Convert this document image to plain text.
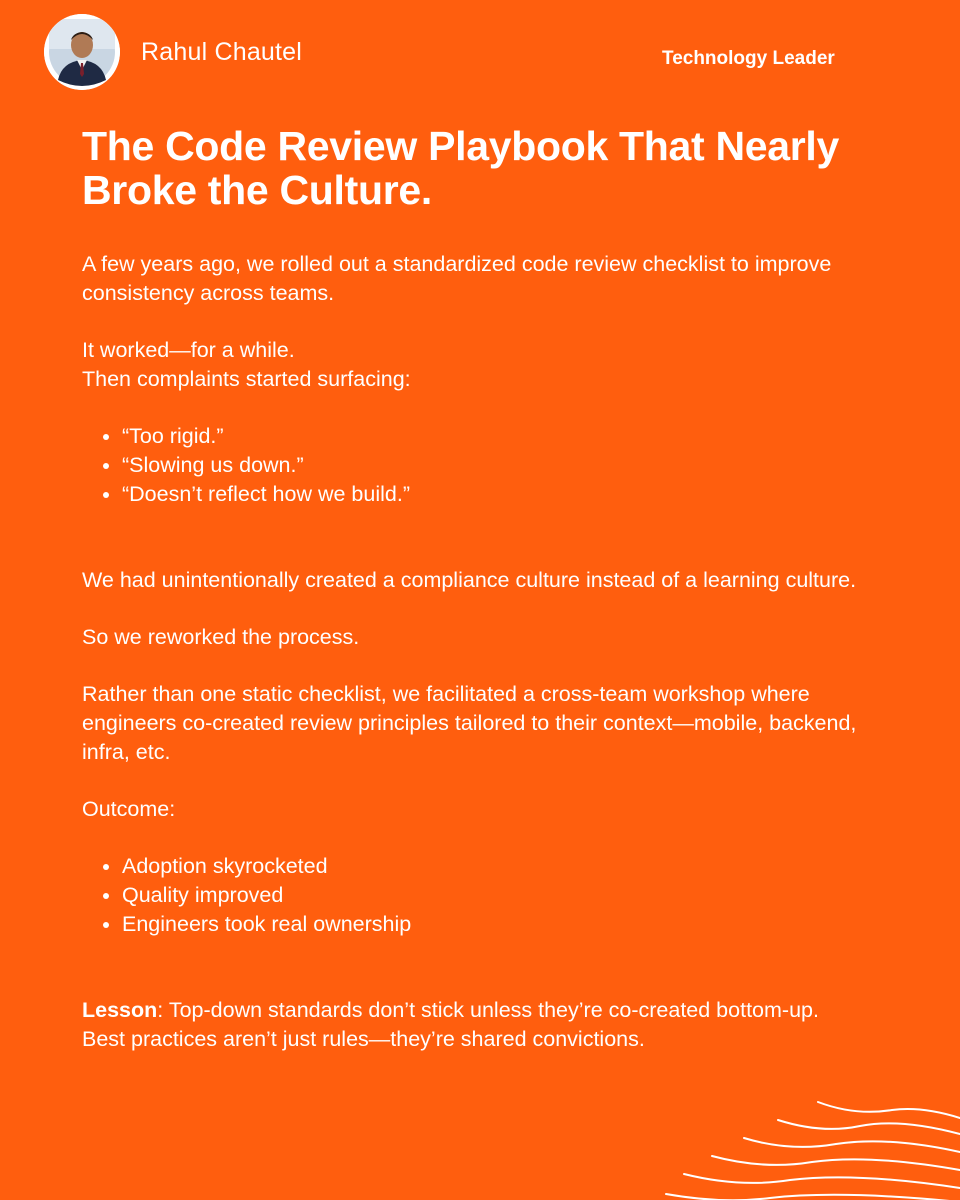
Rahul Chautel	Technology Leader
The Code Review Playbook That Nearly Broke the Culture.

A few years ago, we rolled out a standardized code review checklist to improve consistency across teams.

It worked—for a while.

Then complaints started surfacing:

• “Too rigid.”
• “Slowing us down.”
• “Doesn’t reflect how we build.”

We had unintentionally created a compliance culture instead of a learning culture.

So we reworked the process.

Rather than one static checklist, we facilitated a cross-team workshop where engineers co-created review principles tailored to their context—mobile, backend, infra, etc.

Outcome:

• Adoption skyrocketed
• Quality improved
• Engineers took real ownership

Lesson: Top-down standards don’t stick unless they’re co-created bottom-up.

Best practices aren’t just rules—they’re shared convictions.
